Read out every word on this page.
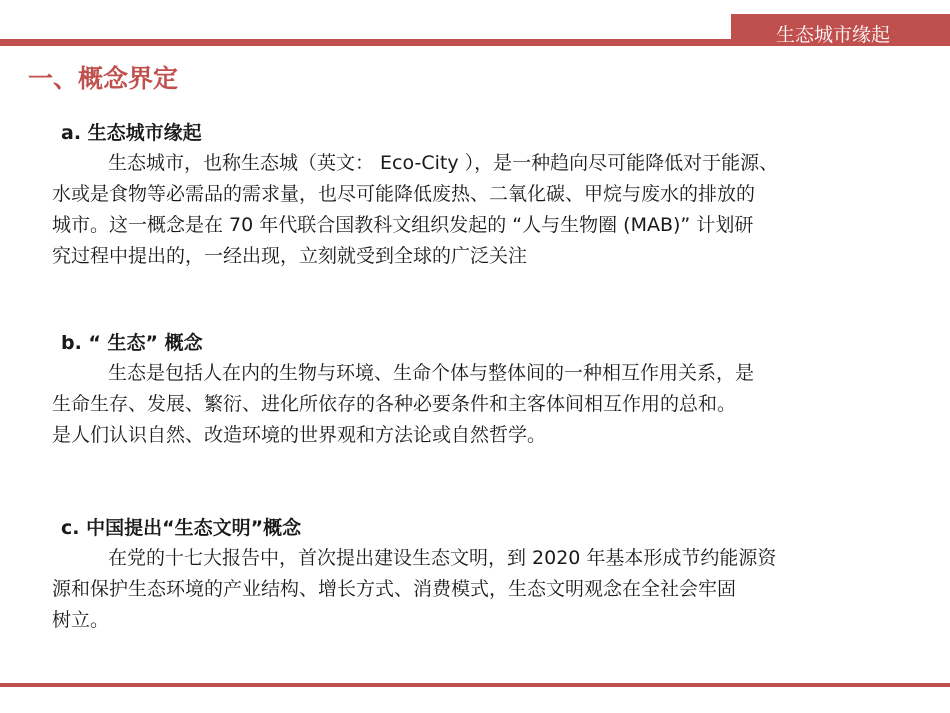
生态城市缘起
一、概念界定
a. 生态城市缘起
生态城市，也称生态城（英文： Eco-City ），是一种趋向尽可能降低对于能源、
水或是食物等必需品的需求量，也尽可能降低废热、二氧化碳、甲烷与废水的排放的
城市。这一概念是在 70 年代联合国教科文组织发起的 “人与生物圈 (MAB)” 计划研
究过程中提出的，一经出现，立刻就受到全球的广泛关注
b. “ 生态” 概念
生态是包括人在内的生物与环境、生命个体与整体间的一种相互作用关系，是
生命生存、发展、繁衍、进化所依存的各种必要条件和主客体间相互作用的总和。
是人们认识自然、改造环境的世界观和方法论或自然哲学。
c. 中国提出“生态文明”概念
在党的十七大报告中，首次提出建设生态文明，到 2020 年基本形成节约能源资
源和保护生态环境的产业结构、增长方式、消费模式，生态文明观念在全社会牢固
树立。
